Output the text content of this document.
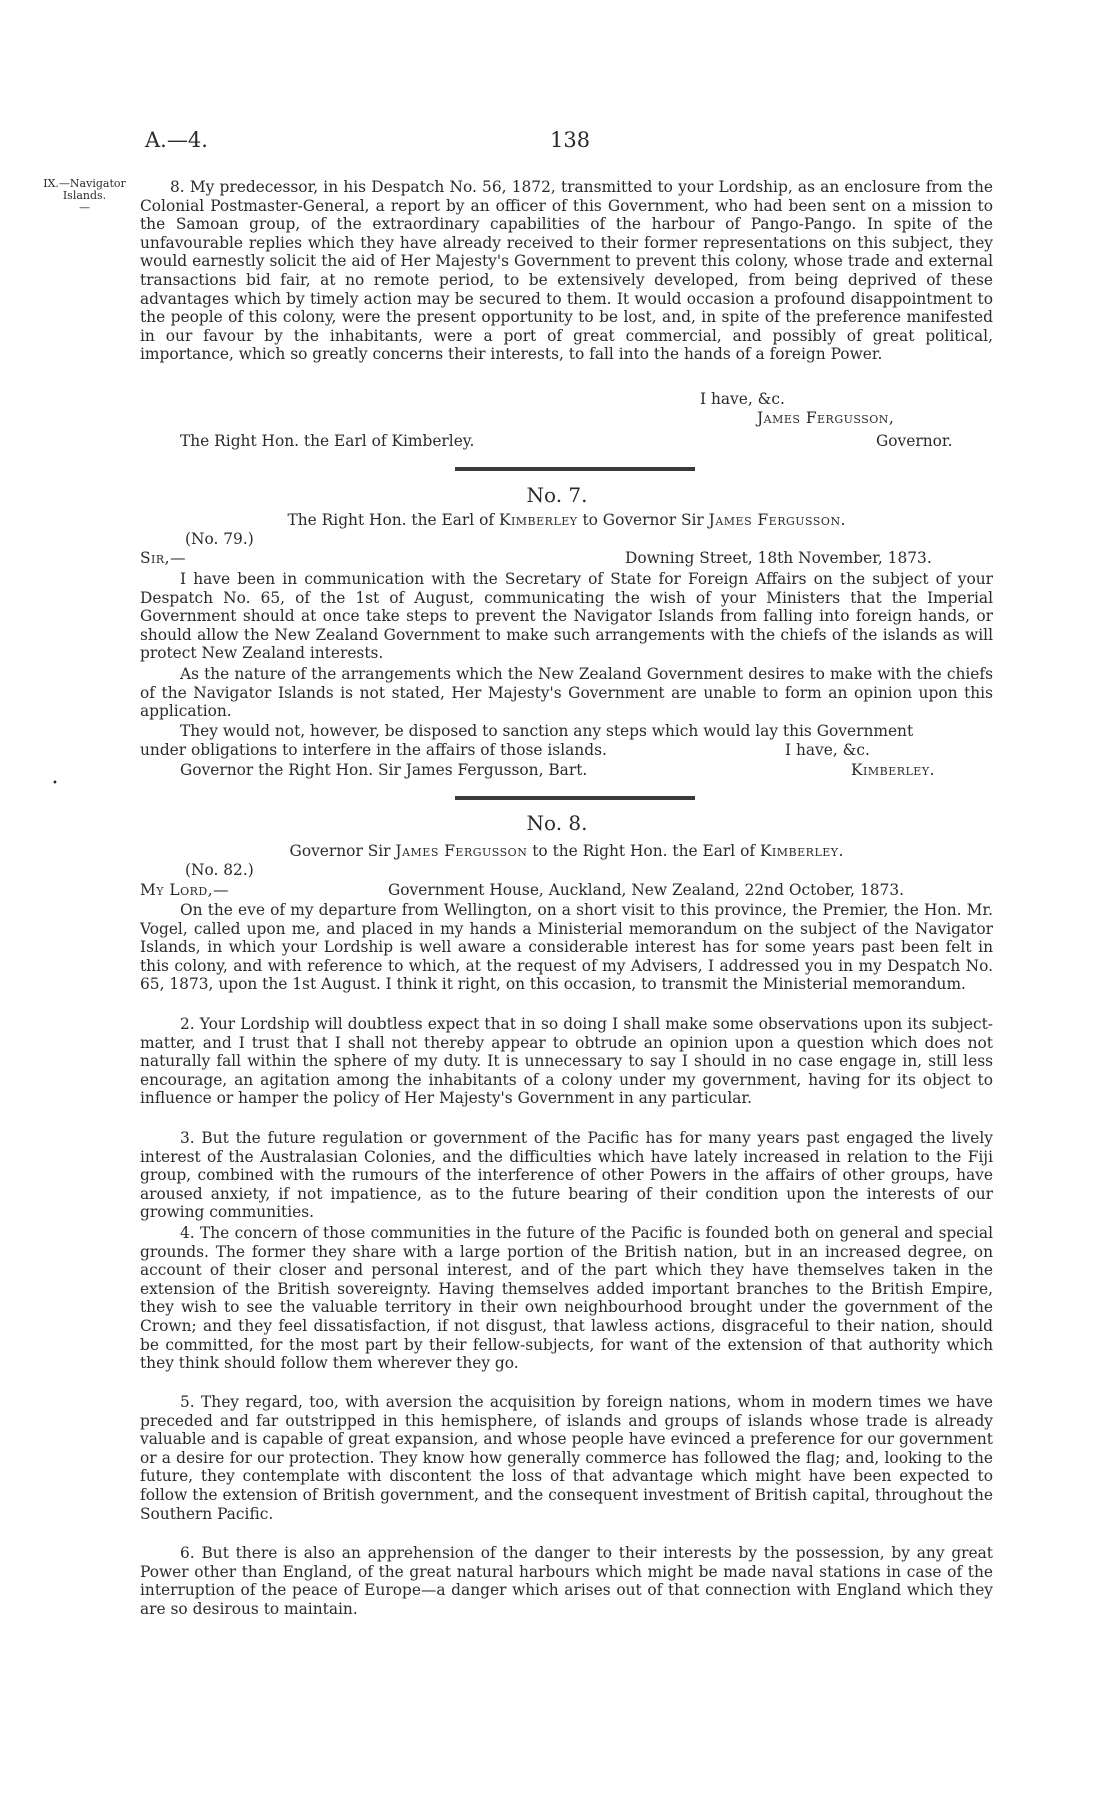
A.—4.	138
IX.—Navigator
Islands.
—

8. My predecessor, in his Despatch No. 56, 1872, transmitted to your Lordship, as an enclosure from the Colonial Postmaster-General, a report by an officer of this Government, who had been sent on a mission to the Samoan group, of the extraordinary capabilities of the harbour of Pango-Pango. In spite of the unfavourable replies which they have already received to their former representations on this subject, they would earnestly solicit the aid of Her Majesty's Government to prevent this colony, whose trade and external transactions bid fair, at no remote period, to be extensively developed, from being deprived of these advantages which by timely action may be secured to them. It would occasion a profound disappointment to the people of this colony, were the present opportunity to be lost, and, in spite of the preference manifested in our favour by the inhabitants, were a port of great commercial, and possibly of great political, importance, which so greatly concerns their interests, to fall into the hands of a foreign Power.

I have, &c.
James Fergusson,
The Right Hon. the Earl of Kimberley.	Governor.
No. 7.
The Right Hon. the Earl of Kimberley to Governor Sir James Fergusson.
(No. 79.)
Sir,—	Downing Street, 18th November, 1873.

I have been in communication with the Secretary of State for Foreign Affairs on the subject of your Despatch No. 65, of the 1st of August, communicating the wish of your Ministers that the Imperial Government should at once take steps to prevent the Navigator Islands from falling into foreign hands, or should allow the New Zealand Government to make such arrangements with the chiefs of the islands as will protect New Zealand interests.

As the nature of the arrangements which the New Zealand Government desires to make with the chiefs of the Navigator Islands is not stated, Her Majesty's Government are unable to form an opinion upon this application.

They would not, however, be disposed to sanction any steps which would lay this Government
under obligations to interfere in the affairs of those islands.	I have, &c.
Governor the Right Hon. Sir James Fergusson, Bart.	Kimberley.
•
No. 8.
Governor Sir James Fergusson to the Right Hon. the Earl of Kimberley.
(No. 82.)
My Lord,—	Government House, Auckland, New Zealand, 22nd October, 1873.

On the eve of my departure from Wellington, on a short visit to this province, the Premier, the Hon. Mr. Vogel, called upon me, and placed in my hands a Ministerial memorandum on the subject of the Navigator Islands, in which your Lordship is well aware a considerable interest has for some years past been felt in this colony, and with reference to which, at the request of my Advisers, I addressed you in my Despatch No. 65, 1873, upon the 1st August. I think it right, on this occasion, to transmit the Ministerial memorandum.

2. Your Lordship will doubtless expect that in so doing I shall make some observations upon its subject-matter, and I trust that I shall not thereby appear to obtrude an opinion upon a question which does not naturally fall within the sphere of my duty. It is unnecessary to say I should in no case engage in, still less encourage, an agitation among the inhabitants of a colony under my government, having for its object to influence or hamper the policy of Her Majesty's Government in any particular.

3. But the future regulation or government of the Pacific has for many years past engaged the lively interest of the Australasian Colonies, and the difficulties which have lately increased in relation to the Fiji group, combined with the rumours of the interference of other Powers in the affairs of other groups, have aroused anxiety, if not impatience, as to the future bearing of their condition upon the interests of our growing communities.

4. The concern of those communities in the future of the Pacific is founded both on general and special grounds. The former they share with a large portion of the British nation, but in an increased degree, on account of their closer and personal interest, and of the part which they have themselves taken in the extension of the British sovereignty. Having themselves added important branches to the British Empire, they wish to see the valuable territory in their own neighbourhood brought under the government of the Crown; and they feel dissatisfaction, if not disgust, that lawless actions, disgraceful to their nation, should be committed, for the most part by their fellow-subjects, for want of the extension of that authority which they think should follow them wherever they go.

5. They regard, too, with aversion the acquisition by foreign nations, whom in modern times we have preceded and far outstripped in this hemisphere, of islands and groups of islands whose trade is already valuable and is capable of great expansion, and whose people have evinced a preference for our government or a desire for our protection. They know how generally commerce has followed the flag; and, looking to the future, they contemplate with discontent the loss of that advantage which might have been expected to follow the extension of British government, and the consequent investment of British capital, throughout the Southern Pacific.

6. But there is also an apprehension of the danger to their interests by the possession, by any great Power other than England, of the great natural harbours which might be made naval stations in case of the interruption of the peace of Europe—a danger which arises out of that connection with England which they are so desirous to maintain.
